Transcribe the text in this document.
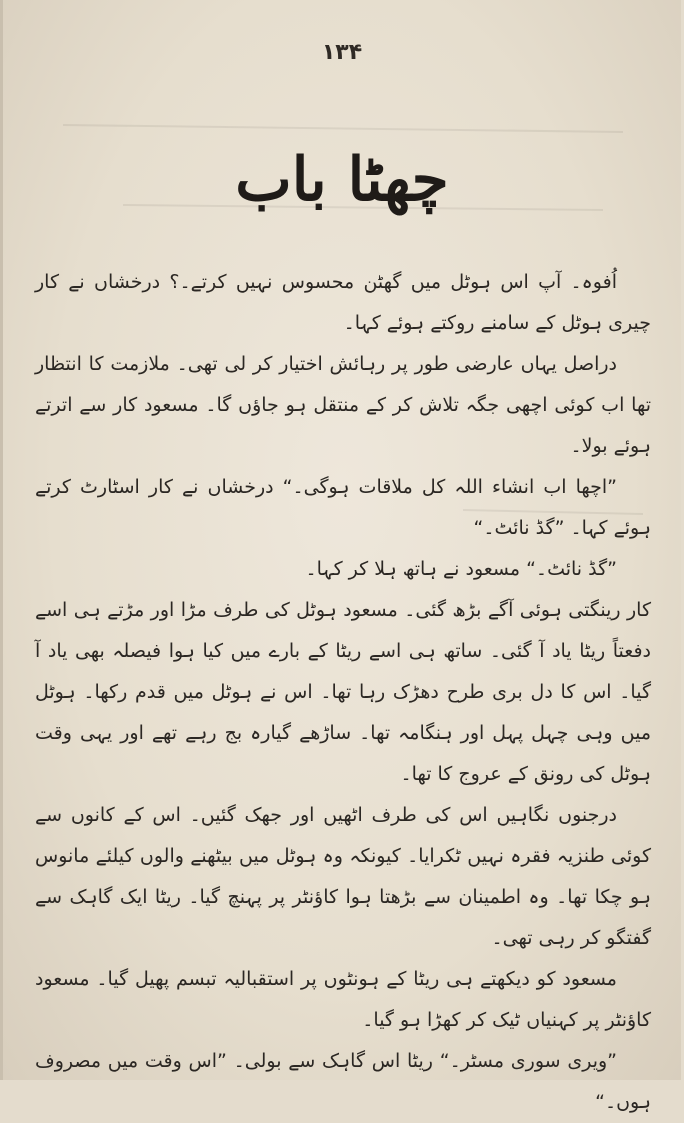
۱۳۴
چھٹا باب

اُفوہ۔ آپ اس ہوٹل میں گھٹن محسوس نہیں کرتے۔؟ درخشاں نے کار چیری ہوٹل کے سامنے روکتے ہوئے کہا۔

دراصل یہاں عارضی طور پر رہائش اختیار کر لی تھی۔ ملازمت کا انتظار تھا اب کوئی اچھی جگہ تلاش کر کے منتقل ہو جاؤں گا۔ مسعود کار سے اترتے ہوئے بولا۔

”اچھا اب انشاء اللہ کل ملاقات ہوگی۔“ درخشاں نے کار اسٹارٹ کرتے ہوئے کہا۔ ”گڈ نائٹ۔“

”گڈ نائٹ۔“ مسعود نے ہاتھ ہلا کر کہا۔

کار رینگتی ہوئی آگے بڑھ گئی۔ مسعود ہوٹل کی طرف مڑا اور مڑتے ہی اسے دفعتاً ریٹا یاد آ گئی۔ ساتھ ہی اسے ریٹا کے بارے میں کیا ہوا فیصلہ بھی یاد آ گیا۔ اس کا دل بری طرح دھڑک رہا تھا۔ اس نے ہوٹل میں قدم رکھا۔ ہوٹل میں وہی چہل پہل اور ہنگامہ تھا۔ ساڑھے گیارہ بج رہے تھے اور یہی وقت ہوٹل کی رونق کے عروج کا تھا۔

درجنوں نگاہیں اس کی طرف اٹھیں اور جھک گئیں۔ اس کے کانوں سے کوئی طنزیہ فقرہ نہیں ٹکرایا۔ کیونکہ وہ ہوٹل میں بیٹھنے والوں کیلئے مانوس ہو چکا تھا۔ وہ اطمینان سے بڑھتا ہوا کاؤنٹر پر پہنچ گیا۔ ریٹا ایک گاہک سے گفتگو کر رہی تھی۔

مسعود کو دیکھتے ہی ریٹا کے ہونٹوں پر استقبالیہ تبسم پھیل گیا۔ مسعود کاؤنٹر پر کہنیاں ٹیک کر کھڑا ہو گیا۔

”ویری سوری مسٹر۔“ ریٹا اس گاہک سے بولی۔ ”اس وقت میں مصروف ہوں۔“
